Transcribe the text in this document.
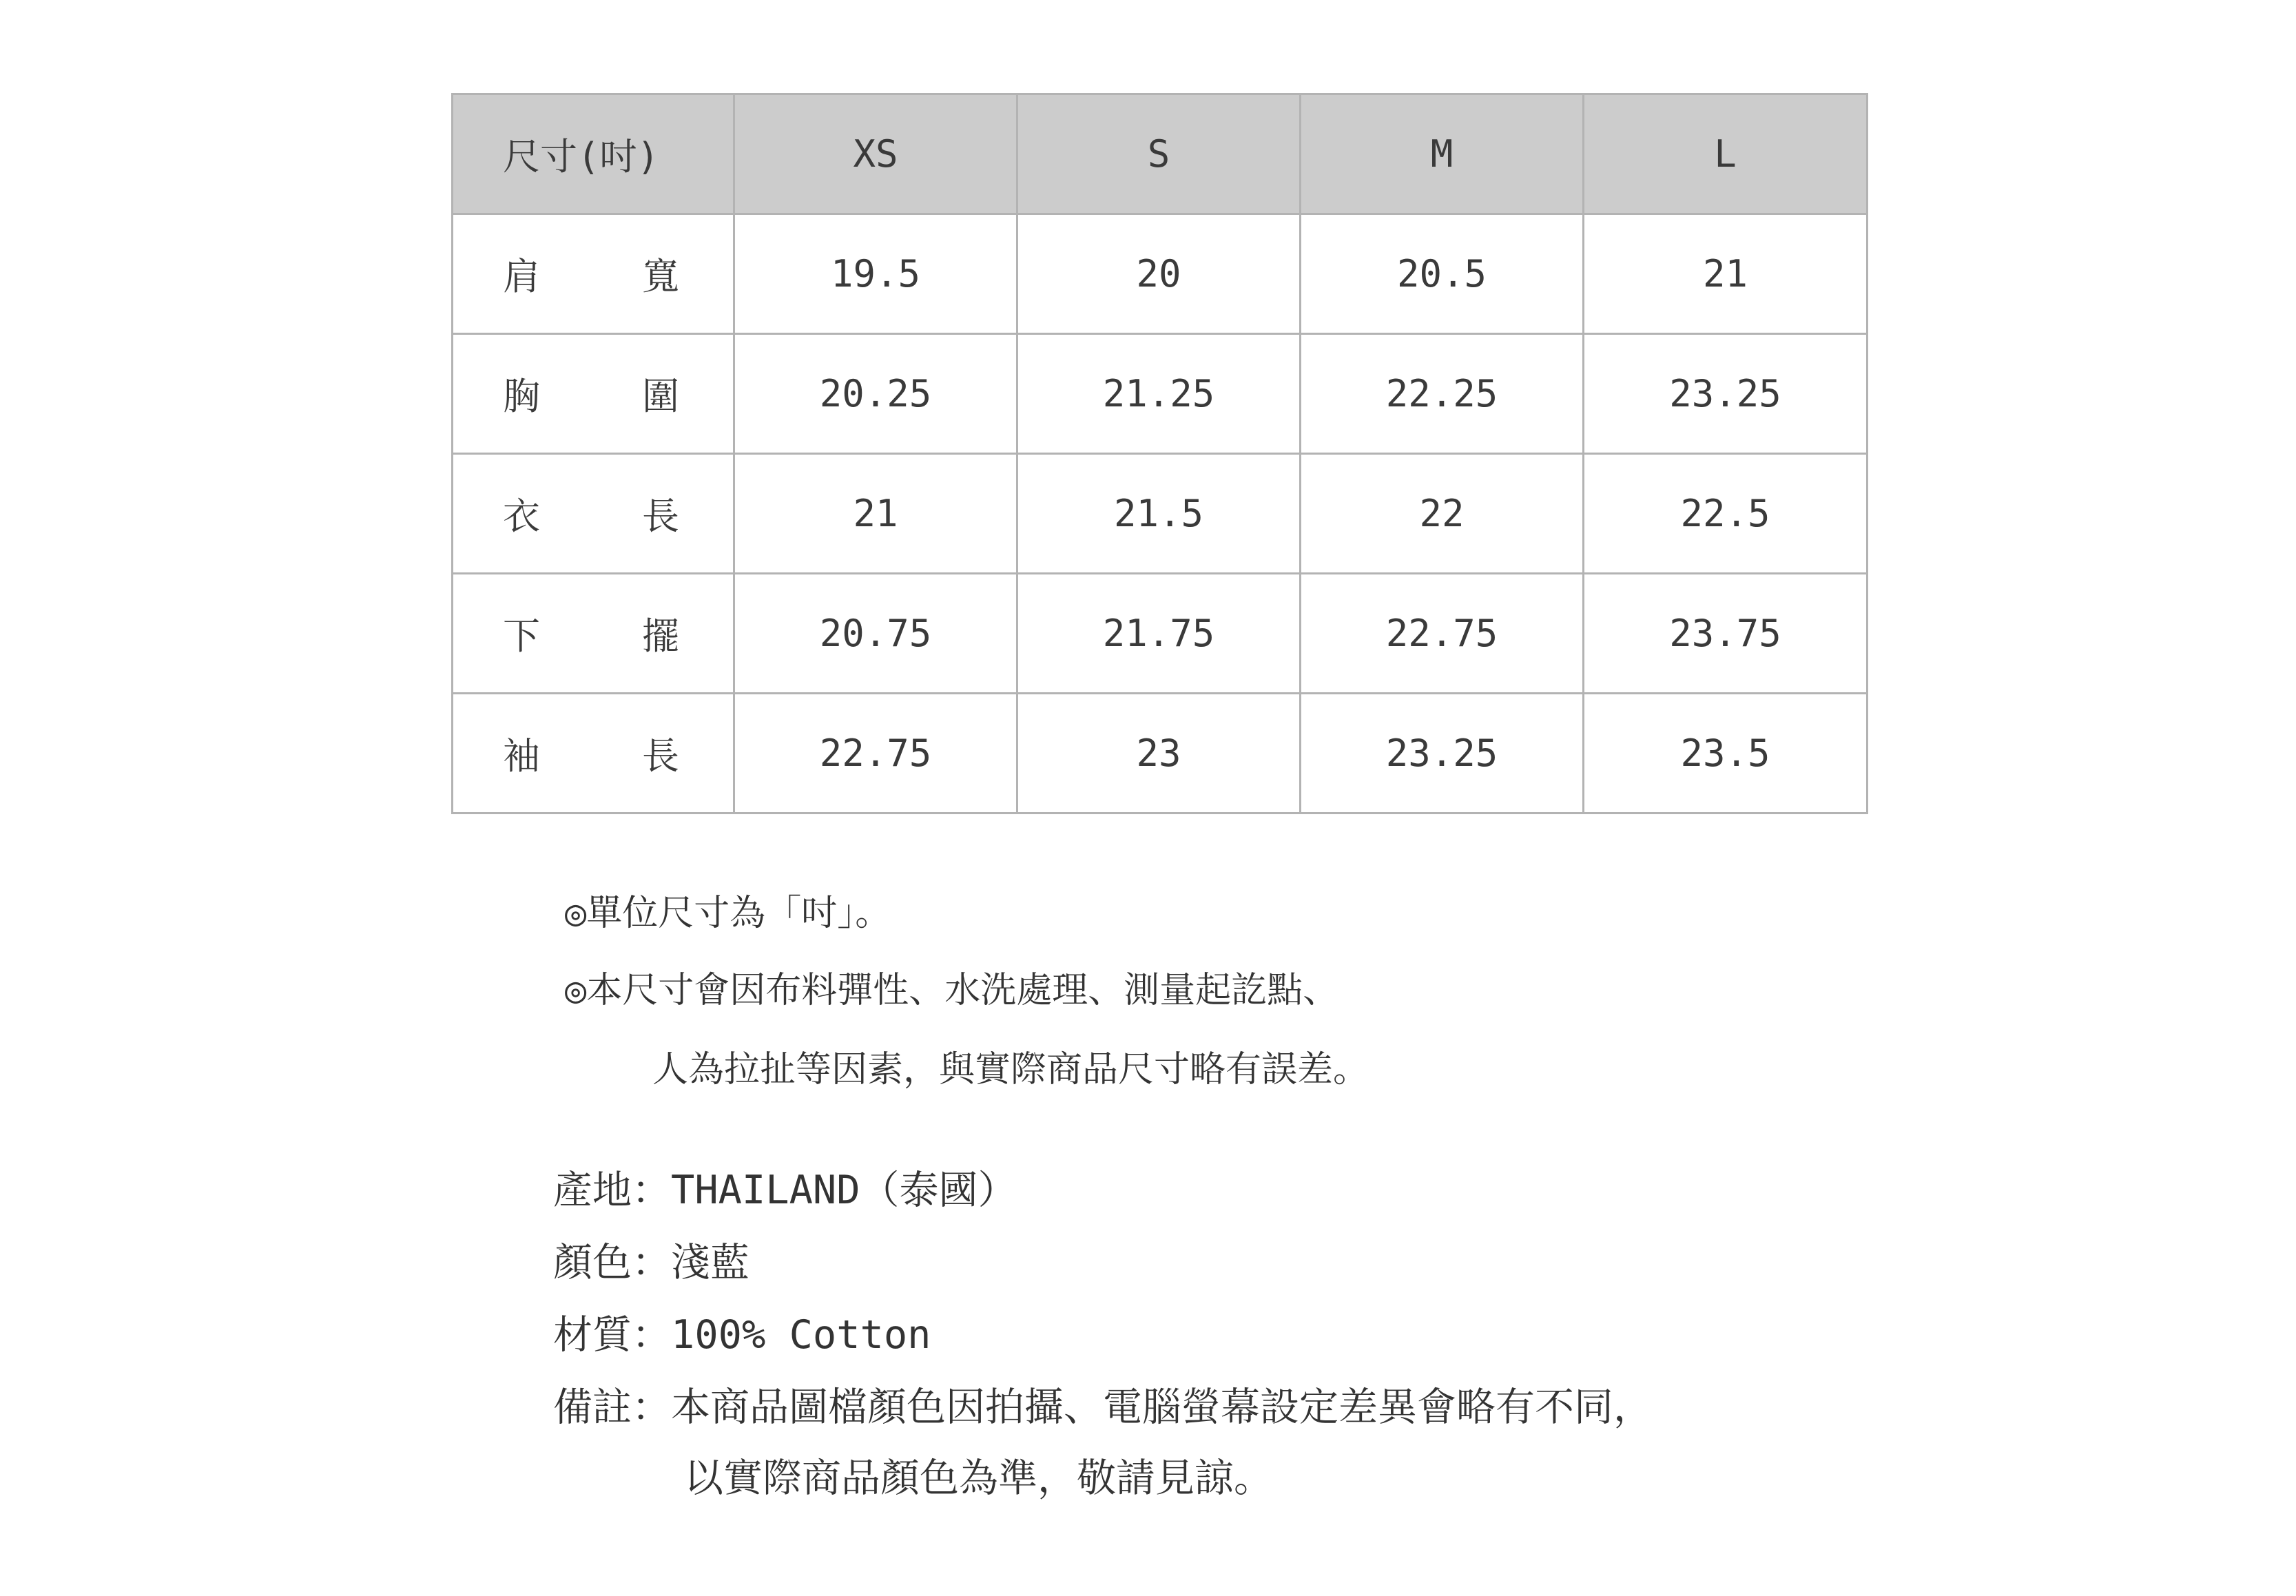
尺寸(吋)	XS	S	M	L

肩 寬	19.5	20	20.5	21

胸 圍	20.25	21.25	22.25	23.25

衣 長	21	21.5	22	22.5

下 擺	20.75	21.75	22.75	23.75

袖 長	22.75	23	23.25	23.5
◎單位尺寸為「吋」。
◎本尺寸會因布料彈性、水洗處理、測量起訖點、
人為拉扯等因素，與實際商品尺寸略有誤差。
產地：THAILAND（泰國）
顏色：淺藍
材質：100% Cotton
備註：本商品圖檔顏色因拍攝、電腦螢幕設定差異會略有不同，
以實際商品顏色為準，敬請見諒。
